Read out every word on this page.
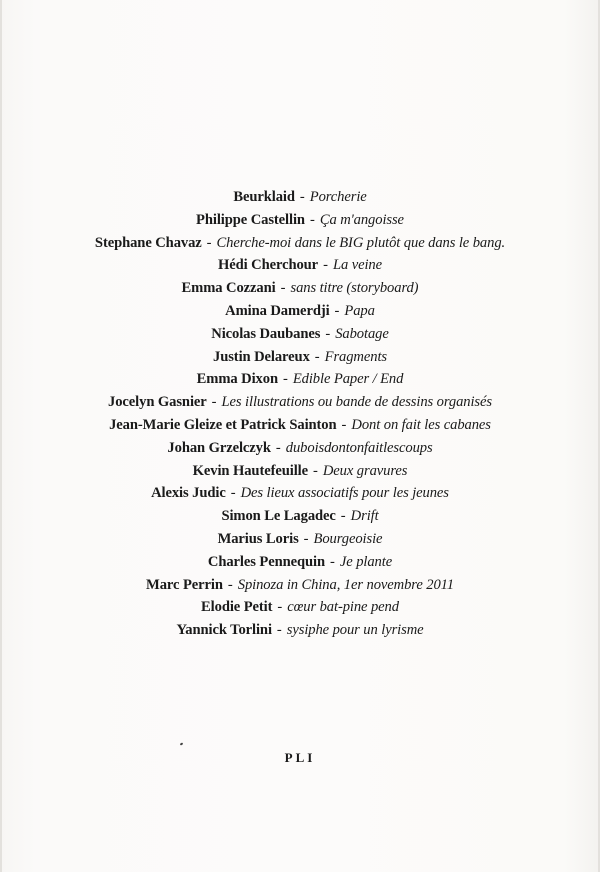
Beurklaid - Porcherie
Philippe Castellin - Ça m'angoisse
Stephane Chavaz - Cherche-moi dans le BIG plutôt que dans le bang.
Hédi Cherchour - La veine
Emma Cozzani - sans titre (storyboard)
Amina Damerdji - Papa
Nicolas Daubanes - Sabotage
Justin Delareux - Fragments
Emma Dixon - Edible Paper / End
Jocelyn Gasnier - Les illustrations ou bande de dessins organisés
Jean-Marie Gleize et Patrick Sainton - Dont on fait les cabanes
Johan Grzelczyk - duboisdontonfaitlescoups
Kevin Hautefeuille - Deux gravures
Alexis Judic - Des lieux associatifs pour les jeunes
Simon Le Lagadec - Drift
Marius Loris - Bourgeoisie
Charles Pennequin - Je plante
Marc Perrin - Spinoza in China, 1er novembre 2011
Elodie Petit - cœur bat-pine pend
Yannick Torlini - sysiphe pour un lyrisme
PLI
